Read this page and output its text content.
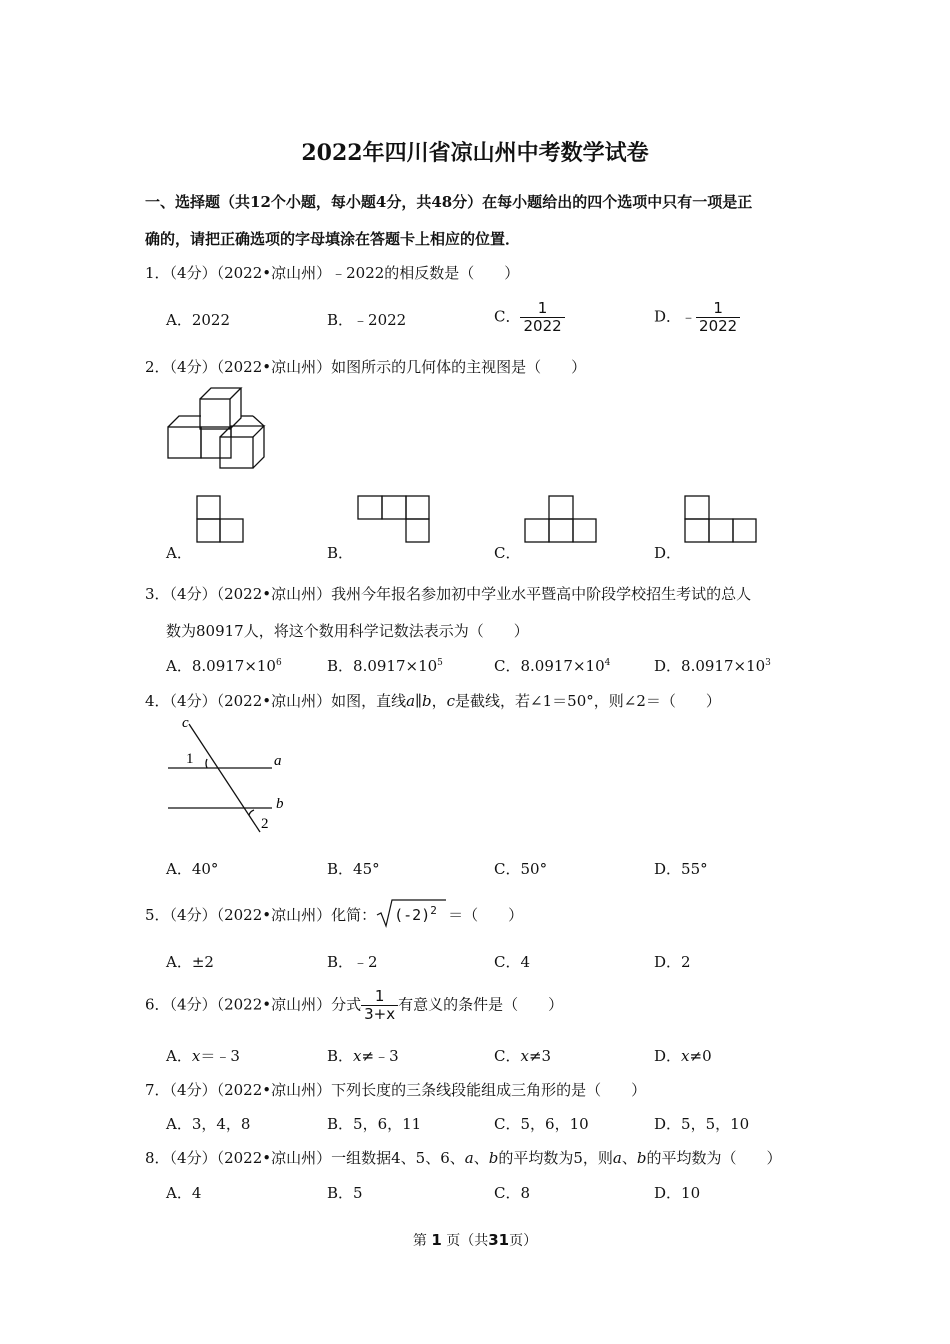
2022年四川省凉山州中考数学试卷
一、选择题（共12个小题，每小题4分，共48分）在每小题给出的四个选项中只有一项是正
确的，请把正确选项的字母填涂在答题卡上相应的位置．
1．（4分）（2022•凉山州）﹣2022的相反数是（　　）
A．2022	B．﹣2022	C． $\frac{1}{2022}$	D．﹣ $\frac{1}{2022}$
2．（4分）（2022•凉山州）如图所示的几何体的主视图是（　　）
A．	B．	C．	D．
3．（4分）（2022•凉山州）我州今年报名参加初中学业水平暨高中阶段学校招生考试的总人
数为80917人，将这个数用科学记数法表示为（　　）
A．$8.0917\times 10^6$	B．$8.0917\times 10^5$	C．$8.0917\times 10^4$	D．$8.0917\times 10^3$
4．（4分）（2022•凉山州）如图，直线a∥b，c是截线，若∠1＝50°，则∠2＝（　　）
c
1	a
b
2
A．40°	B．45°	C．50°	D．55°
5．（4分）（2022•凉山州）化简： $(-2)^2$ ＝（　　）
A．±2	B．﹣2	C．4	D．2
6．（4分）（2022•凉山州）分式 $\frac{1}{3+x}$ 有意义的条件是（　　）
A．x＝﹣3	B．x≠﹣3	C．x≠3	D．x≠0
7．（4分）（2022•凉山州）下列长度的三条线段能组成三角形的是（　　）
A．3，4，8	B．5，6，11	C．5，6，10	D．5，5，10
8．（4分）（2022•凉山州）一组数据4、5、6、a、b的平均数为5，则a、b的平均数为（　　）
A．4	B．5	C．8	D．10
第 1 页（共31页）
